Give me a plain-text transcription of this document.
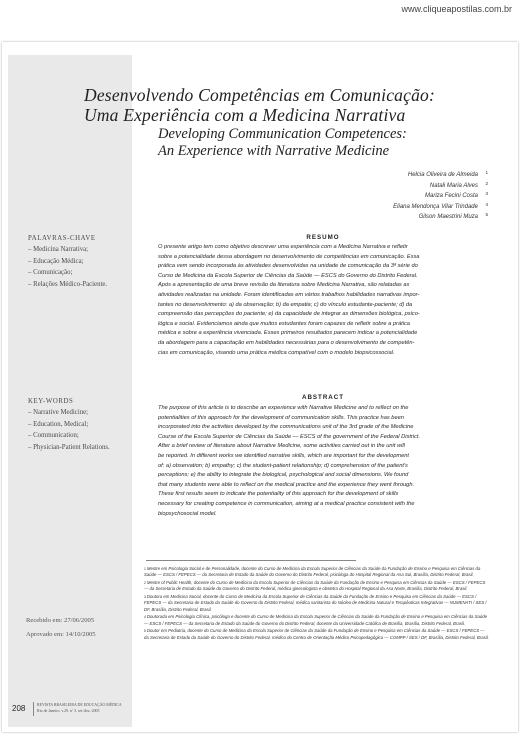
www.cliqueapostilas.com.br
Desenvolvendo Competências em Comunicação:
Uma Experiência com a Medicina Narrativa
Developing Communication Competences:
An Experience with Narrative Medicine
Helcia Oliveira de Almeida	1
Natali Maria Alves	2
Mariza Fecini Costa	3
Eliana Mendonça Vilar Trindade	4
Gilson Maestrini Muza	5
PALAVRAS-CHAVE
– Medicina Narrativa;
– Educação Médica;
– Comunicação;
– Relações Médico-Paciente.
KEY-WORDS
– Narrative Medicine;
– Education, Medical;
– Communication;
– Physician-Patient Relations.
RESUMO
O presente artigo tem como objetivo descrever uma experiência com a Medicina Narrativa e refletir
sobre a potencialidade dessa abordagem no desenvolvimento de competências em comunicação. Essa
prática vem sendo incorporada às atividades desenvolvidas na unidade de comunicação da 3ª série do
Curso de Medicina da Escola Superior de Ciências da Saúde — ESCS do Governo do Distrito Federal.
Após a apresentação de uma breve revisão da literatura sobre Medicina Narrativa, são relatadas as
atividades realizadas na unidade. Foram identificadas em vários trabalhos habilidades narrativas impor-
tantes no desenvolvimento: a) da observação; b) da empatia; c) do vínculo estudante-paciente; d) da
compreensão das percepções do paciente; e) da capacidade de integrar as dimensões biológica, psico-
lógica e social. Evidenciamos ainda que muitos estudantes foram capazes de refletir sobre a prática
médica e sobre a experiência vivenciada. Esses primeiros resultados parecem indicar a potencialidade
da abordagem para a capacitação em habilidades necessárias para o desenvolvimento de competên-
cias em comunicação, visando uma prática médica compatível com o modelo biopsicossocial.
ABSTRACT
The purpose of this article is to describe an experience with Narrative Medicine and to reflect on the
potentialities of this approach for the development of communication skills. This practice has been
incorporated into the activities developed by the communications unit of the 3rd grade of the Medicine
Course of the Escola Superior de Ciências da Saúde — ESCS of the government of the Federal District.
After a brief review of literature about Narrative Medicine, some activities carried out in the unit will
be reported. In different works we identified narrative skills, which are important for the development
of: a) observation; b) empathy; c) the student-patient relationship; d) comprehension of the patient's
perceptions; e) the ability to integrate the biological, psychological and social dimensions. We found
that many students were able to reflect on the medical practice and the experience they went through.
These first results seem to indicate the potentiality of this approach for the development of skills
necessary for creating competence in communication, aiming at a medical practice consistent with the
biopsychosocial model.
$^1$Mestre em Psicologia Social e de Personalidade, docente do Curso de Medicina da Escola Superior de Ciências da Saúde da Fundação de Ensino e Pesquisa em Ciências da Saúde — ESCS / FEPECS — da Secretaria de Estado da Saúde do Governo do Distrito Federal, psicóloga do Hospital Regional da Asa Sul, Brasília, Distrito Federal, Brasil.
$^2$Mestre of Public Health, docente do Curso de Medicina da Escola Superior de Ciências da Saúde da Fundação de Ensino e Pesquisa em Ciências da Saúde — ESCS / FEPECS — da Secretaria de Estado da Saúde do Governo do Distrito Federal, médica ginecologista e obstetra do Hospital Regional da Asa Norte, Brasília, Distrito Federal, Brasil.
$^3$Doutora em Medicina Social, docente do Curso de Medicina da Escola Superior de Ciências da Saúde da Fundação de Ensino e Pesquisa em Ciências da Saúde — ESCS / FEPECS — da Secretaria de Estado da Saúde do Governo do Distrito Federal, médica sanitarista do Núcleo de Medicina Natural e Terapêuticas Integrativas — NUMENATI / SES / DF, Brasília, Distrito Federal, Brasil.
$^4$Doutorada em Psicologia Clínica, psicóloga e docente do Curso de Medicina da Escola Superior de Ciências da Saúde da Fundação de Ensino e Pesquisa em Ciências da Saúde — ESCS / FEPECS — da Secretaria de Estado da Saúde do Governo do Distrito Federal, docente da Universidade Católica de Brasília, Brasília, Distrito Federal, Brasil.
$^5$Doutor em Pediatria, docente do Curso de Medicina da Escola Superior de Ciências da Saúde da Fundação de Ensino e Pesquisa em Ciências da Saúde — ESCS / FEPECS — da Secretaria de Estado da Saúde do Governo do Distrito Federal, médico do Centro de Orientação Médico Psicopedagógica — COMPP / SES / DF, Brasília, Distrito Federal, Brasil.
Recebido em: 27/06/2005
Aprovado em: 14/10/2005
208	REVISTA BRASILEIRA DE EDUCAÇÃO MÉDICA
Rio de Janeiro, v.29, nº 3, set./dez. 2005
